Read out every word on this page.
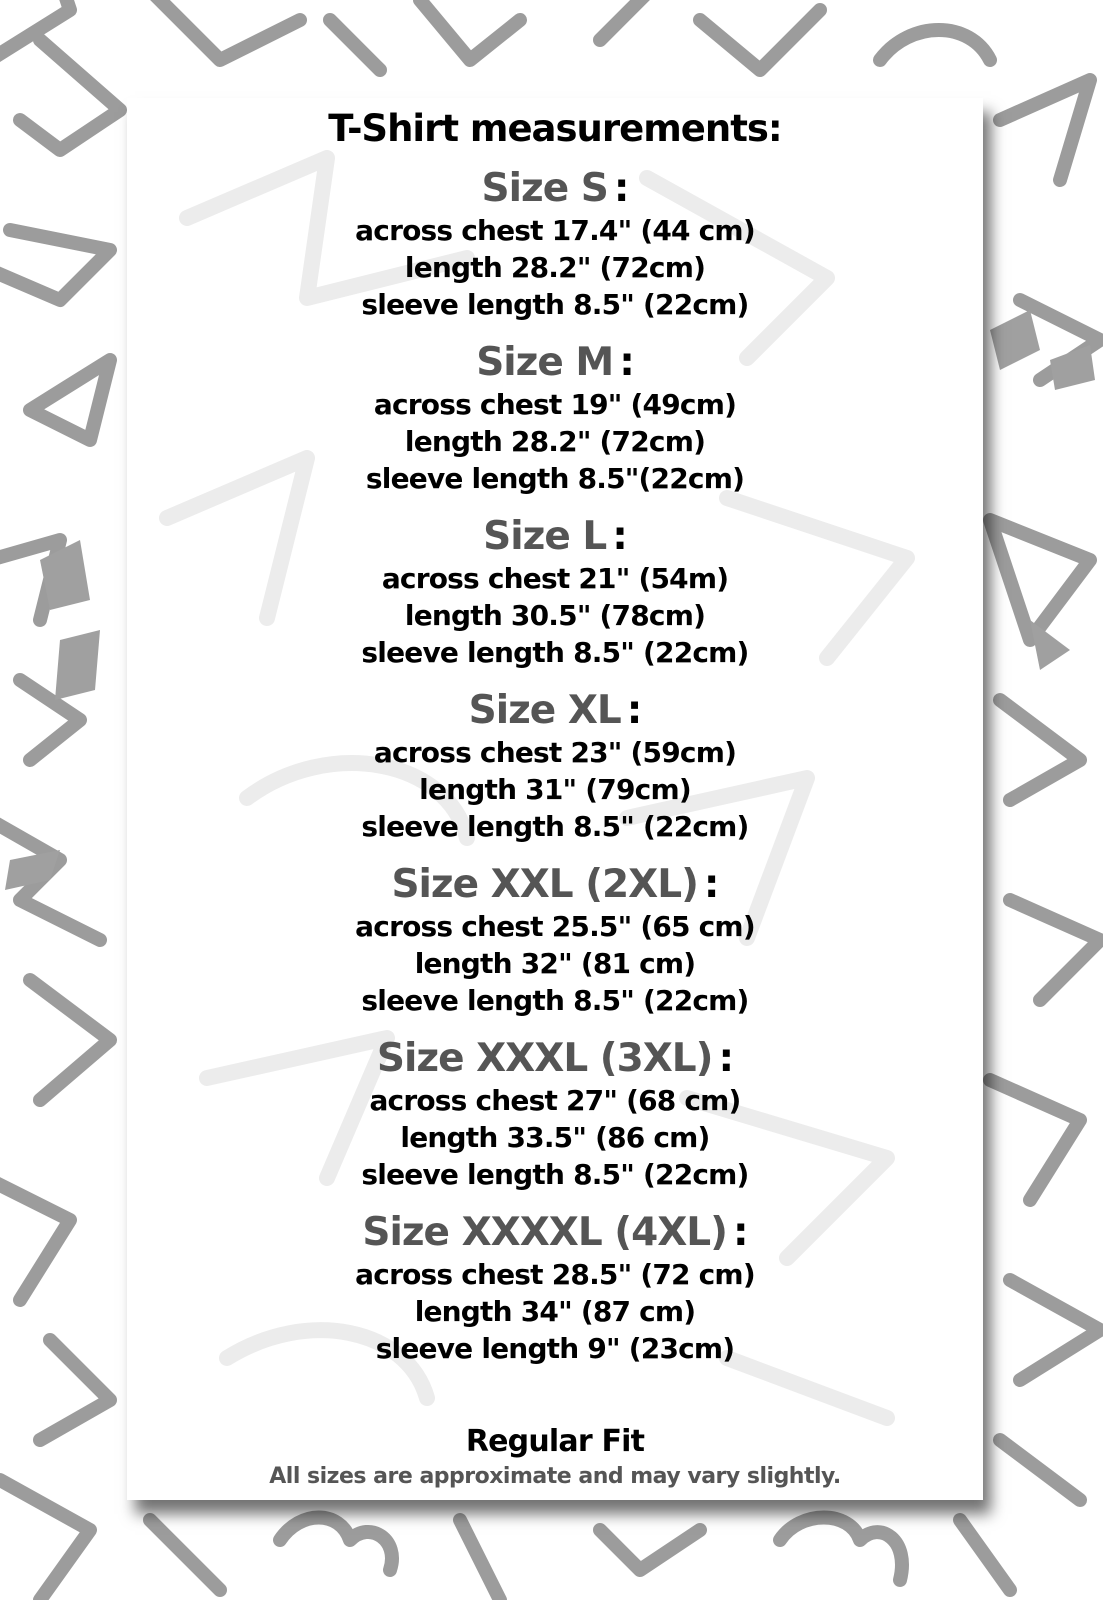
T-Shirt measurements:
Size S :
across chest 17.4" (44 cm)
length 28.2" (72cm)
sleeve length 8.5" (22cm)
Size M :
across chest 19" (49cm)
length 28.2" (72cm)
sleeve length 8.5"(22cm)
Size L :
across chest 21" (54m)
length 30.5" (78cm)
sleeve length 8.5" (22cm)
Size XL :
across chest 23" (59cm)
length 31" (79cm)
sleeve length 8.5" (22cm)
Size XXL (2XL) :
across chest 25.5" (65 cm)
length 32" (81 cm)
sleeve length 8.5" (22cm)
Size XXXL (3XL) :
across chest 27" (68 cm)
length 33.5" (86 cm)
sleeve length 8.5" (22cm)
Size XXXXL (4XL) :
across chest 28.5" (72 cm)
length 34" (87 cm)
sleeve length 9" (23cm)
Regular Fit
All sizes are approximate and may vary slightly.
